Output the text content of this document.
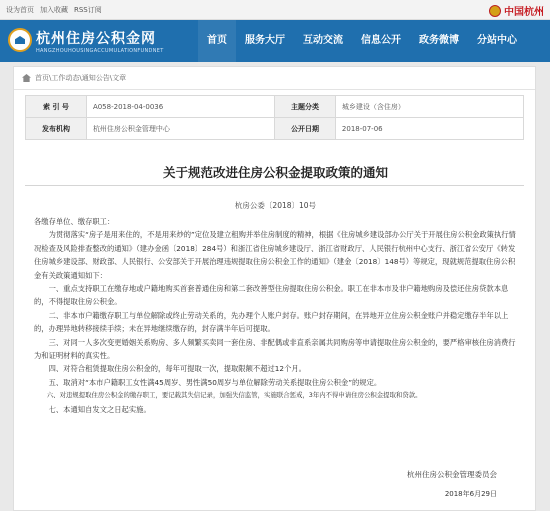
设为首页 加入收藏 RSS订阅	中国杭州
杭州住房公积金网
HANGZHOUHOUSINGACCUMULATIONFUNDNET
首页	服务大厅	互动交流	信息公开	政务微博	分站中心
首页\工作动态\通知公告\文章
索 引 号	A058-2018-04-0036	主题分类	城乡建设（含住房）
发布机构	杭州住房公积金管理中心	公开日期	2018-07-06
关于规范改进住房公积金提取政策的通知
杭房公委〔2018〕10号

各缴存单位、缴存职工：

为贯彻落实“房子是用来住的，不是用来炒的”定位及建立租购并举住房制度的精神，根据《住房城乡建设部办公厅关于开展住房公积金政策执行情况检查及风险排查整改的通知》（建办金函〔2018〕284号）和浙江省住房城乡建设厅、浙江省财政厅、人民银行杭州中心支行、浙江省公安厅《转发住房城乡建设部、财政部、人民银行、公安部关于开展治理违规提取住房公积金工作的通知》（建金〔2018〕148号）等规定，现就规范提取住房公积金有关政策通知如下：

一、重点支持职工在缴存地或户籍地购买首套普通住房和第二套改善型住房提取住房公积金。职工在非本市及非户籍地购房及偿还住房贷款本息的，不得提取住房公积金。

二、非本市户籍缴存职工与单位解除或终止劳动关系的，先办理个人账户封存。账户封存期间，在异地开立住房公积金账户并稳定缴存半年以上的，办理异地转移接续手续；未在异地继续缴存的，封存满半年后可提取。

三、对同一人多次变更婚姻关系购房、多人频繁买卖同一套住房、非配偶或非直系亲属共同购房等申请提取住房公积金的，要严格审核住房消费行为和证明材料的真实性。

四、对符合租赁提取住房公积金的，每年可提取一次，提取限额不超过12个月。

五、取消对“本市户籍职工女性满45周岁、男性满50周岁与单位解除劳动关系提取住房公积金”的规定。

六、对违规提取住房公积金的缴存职工，要记载其失信记录，加强失信监管，实施联合惩戒，3年内不得申请住房公积金提取和贷款。

七、本通知自发文之日起实施。

杭州住房公积金管理委员会
2018年6月29日
